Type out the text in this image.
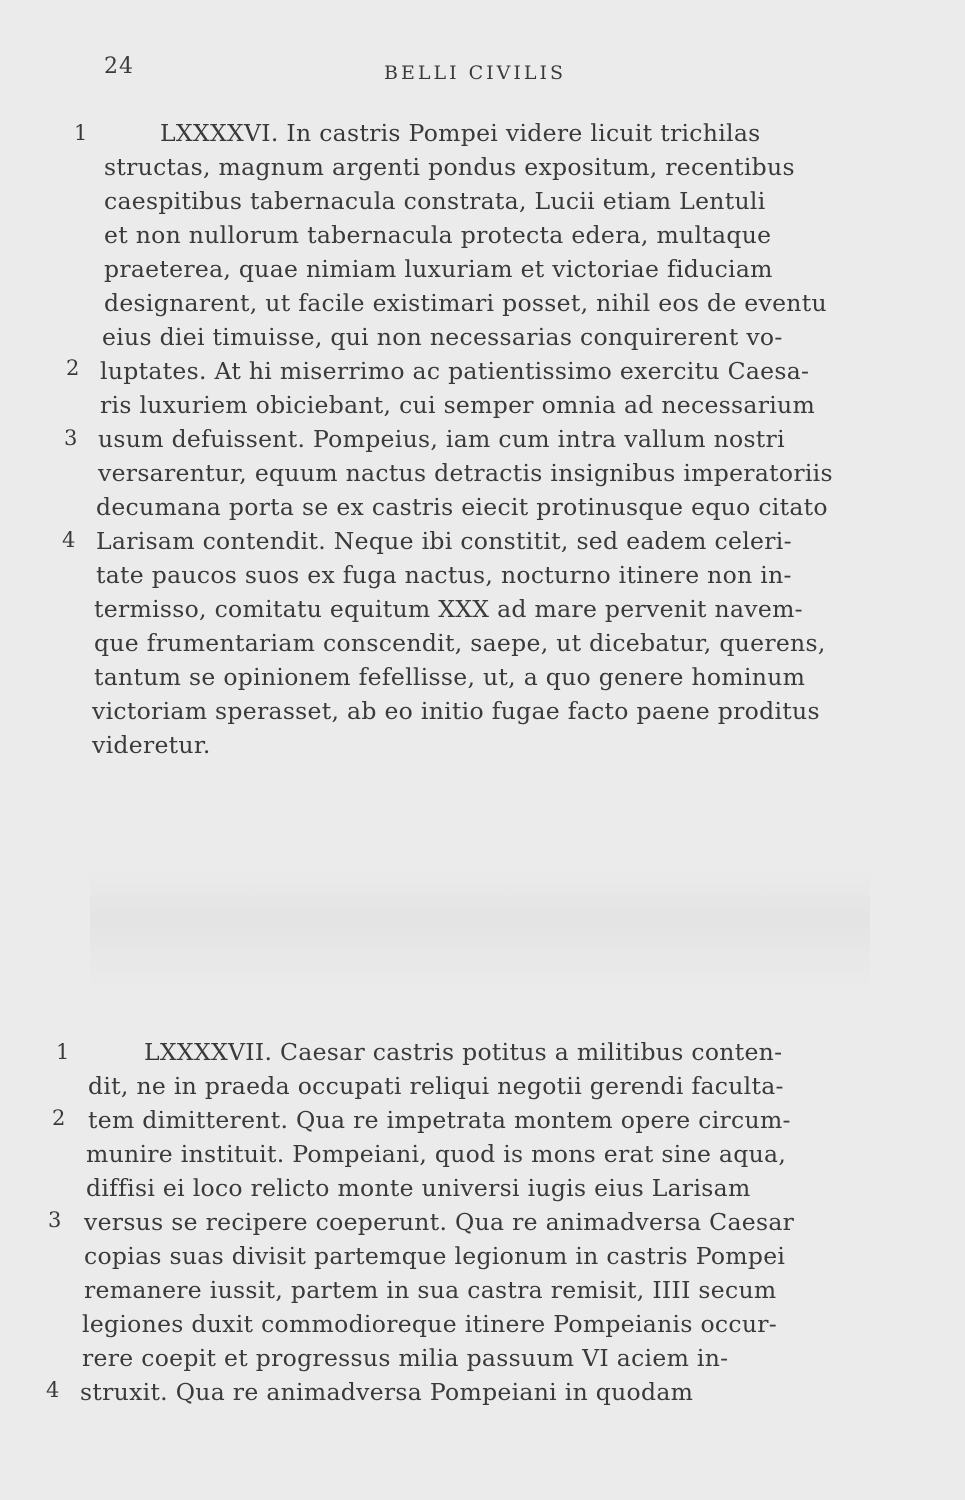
24	BELLI CIVILIS
1
2
3
4
LXXXXVI. In castris Pompei videre licuit trichilas
structas, magnum argenti pondus expositum, recentibus
caespitibus tabernacula constrata, Lucii etiam Lentuli
et non nullorum tabernacula protecta edera, multaque
praeterea, quae nimiam luxuriam et victoriae fiduciam
designarent, ut facile existimari posset, nihil eos de eventu
eius diei timuisse, qui non necessarias conquirerent vo-
luptates. At hi miserrimo ac patientissimo exercitu Caesa-
ris luxuriem obiciebant, cui semper omnia ad necessarium
usum defuissent. Pompeius, iam cum intra vallum nostri
versarentur, equum nactus detractis insignibus imperatoriis
decumana porta se ex castris eiecit protinusque equo citato
Larisam contendit. Neque ibi constitit, sed eadem celeri-
tate paucos suos ex fuga nactus, nocturno itinere non in-
termisso, comitatu equitum XXX ad mare pervenit navem-
que frumentariam conscendit, saepe, ut dicebatur, querens,
tantum se opinionem fefellisse, ut, a quo genere hominum
victoriam sperasset, ab eo initio fugae facto paene proditus
videretur.
1
2
3
4
LXXXXVII. Caesar castris potitus a militibus conten-
dit, ne in praeda occupati reliqui negotii gerendi faculta-
tem dimitterent. Qua re impetrata montem opere circum-
munire instituit. Pompeiani, quod is mons erat sine aqua,
diffisi ei loco relicto monte universi iugis eius Larisam
versus se recipere coeperunt. Qua re animadversa Caesar
copias suas divisit partemque legionum in castris Pompei
remanere iussit, partem in sua castra remisit, IIII secum
legiones duxit commodioreque itinere Pompeianis occur-
rere coepit et progressus milia passuum VI aciem in-
struxit. Qua re animadversa Pompeiani in quodam
